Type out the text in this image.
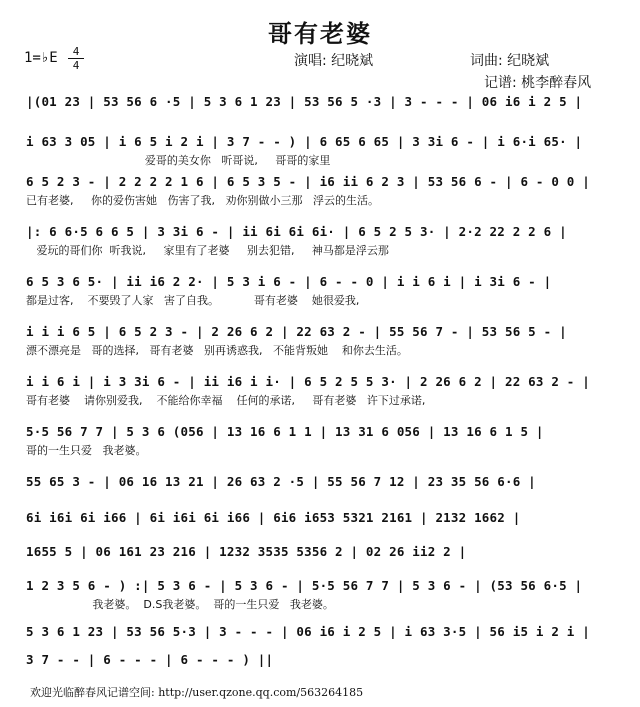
哥有老婆
1=♭E	4
4	演唱: 纪晓斌	词曲: 纪晓斌
记谱: 桃李醉春风
|(01 23 | 53 56 6 ·5 | 5 3 6 1 23 | 53 56 5 ·3 | 3 - - - | 06 i6 i 2 5 |
i 63 3 05 | i 6 5 i 2 i | 3 7 - - ) | 6 65 6 65 | 3 3i 6 - | i 6·i 65· |
爱哥的美女你   听哥说,     哥哥的家里
6 5 2 3 - | 2 2 2 2 1 6 | 6 5 3 5 - | i6 ii 6 2 3 | 53 56 6 - | 6 - 0 0 |
已有老婆,     你的爱伤害她   伤害了我,   劝你别做小三那   浮云的生活。
|: 6 6·5 6 6 5 | 3 3i 6 - | ii 6i 6i 6i· | 6 5 2 5 3· | 2·2 22 2 2 6 |
爱玩的哥们你  听我说,     家里有了老婆     别去犯错,     神马都是浮云那
6 5 3 6 5· | ii i6 2 2· | 5 3 i 6 - | 6 - - 0 | i i 6 i | i 3i 6 - |
都是过客,    不要毁了人家   害了自我。          哥有老婆    她很爱我,
i i i 6 5 | 6 5 2 3 - | 2 26 6 2 | 22 63 2 - | 55 56 7 - | 53 56 5 - |
漂不漂亮是   哥的选择,   哥有老婆   别再诱惑我,   不能背叛她    和你去生活。
i i 6 i | i 3 3i 6 - | ii i6 i i· | 6 5 2 5 5 3· | 2 26 6 2 | 22 63 2 - |
哥有老婆    请你别爱我,    不能给你幸福    任何的承诺,     哥有老婆   许下过承诺,
5·5 56 7 7 | 5 3 6 (056 | 13 16 6 1 1 | 13 31 6 056 | 13 16 6 1 5 |
哥的一生只爱   我老婆。
55 65 3 - | 06 16 13 21 | 26 63 2 ·5 | 55 56 7 12 | 23 35 56 6·6 |
6i i6i 6i i66 | 6i i6i 6i i66 | 6i6 i653 5321 2161 | 2132 1662 |
1655 5 | 06 161 23 216 | 1232 3535 5356 2 | 02 26 ii2 2 |
1 2 3 5 6 - ) :| 5 3 6 - | 5 3 6 - | 5·5 56 7 7 | 5 3 6 - | (53 56 6·5 |
我老婆。  D.S我老婆。  哥的一生只爱   我老婆。
5 3 6 1 23 | 53 56 5·3 | 3 - - - | 06 i6 i 2 5 | i 63 3·5 | 56 i5 i 2 i |
3 7 - - | 6 - - - | 6 - - - ) ||
欢迎光临醉春风记谱空间: http://user.qzone.qq.com/563264185
